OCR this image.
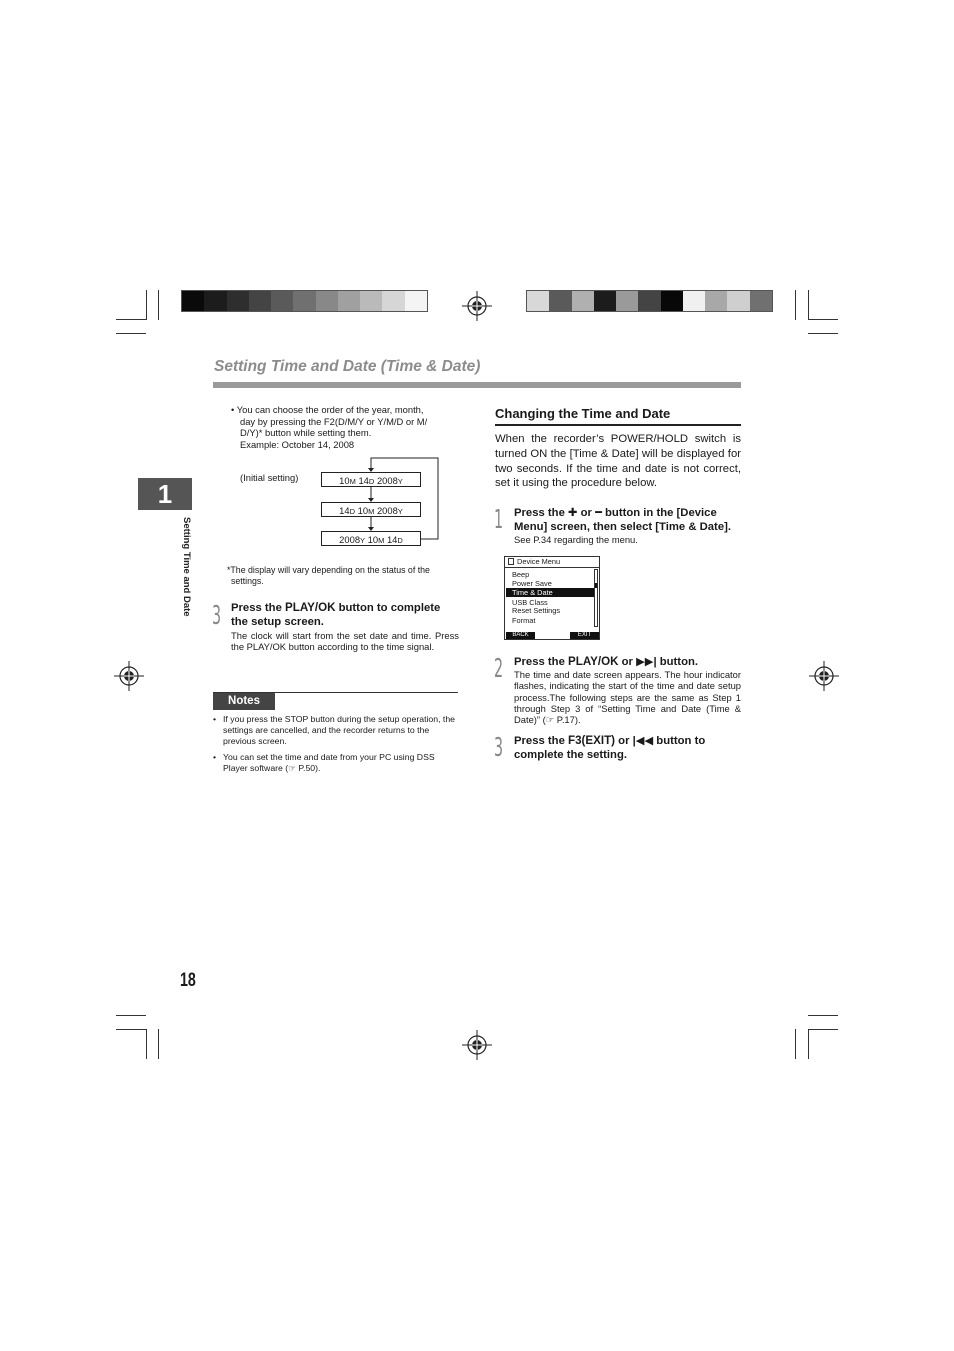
Setting Time and Date (Time & Date)
1
Setting Time and Date
• You can choose the order of the year, month,
day by pressing the F2(D/M/Y or Y/M/D or M/
D/Y)* button while setting them.
Example: October 14, 2008
(Initial setting)	10M 14D 2008Y
14D 10M 2008Y
2008Y 10M 14D
*The display will vary depending on the status of the
settings.
3 Press the PLAY/OK button to complete
the setup screen.
The clock will start from the set date and time. Press the PLAY/OK button according to the time signal.
Notes
• If you press the STOP button during the setup operation, the settings are cancelled, and the recorder returns to the previous screen.
• You can set the time and date from your PC using DSS Player software (☞ P.50).
Changing the Time and Date
When the recorder’s POWER/HOLD switch is turned ON the [Time & Date] will be displayed for two seconds. If the time and date is not correct, set it using the procedure below.
1 Press the ✚ or ━ button in the [Device
Menu] screen, then select [Time & Date].
See P.34 regarding the menu.
Device Menu
Beep
Power Save
Time & Date
USB Class
Reset Settings
Format
BACK	EXIT
2 Press the PLAY/OK or ▶▶| button.
The time and date screen appears. The hour indicator flashes, indicating the start of the time and date setup process.The following steps are the same as Step 1 through Step 3 of “Setting Time and Date (Time & Date)” (☞ P.17).
3 Press the F3(EXIT) or |◀◀ button to
complete the setting.
18
